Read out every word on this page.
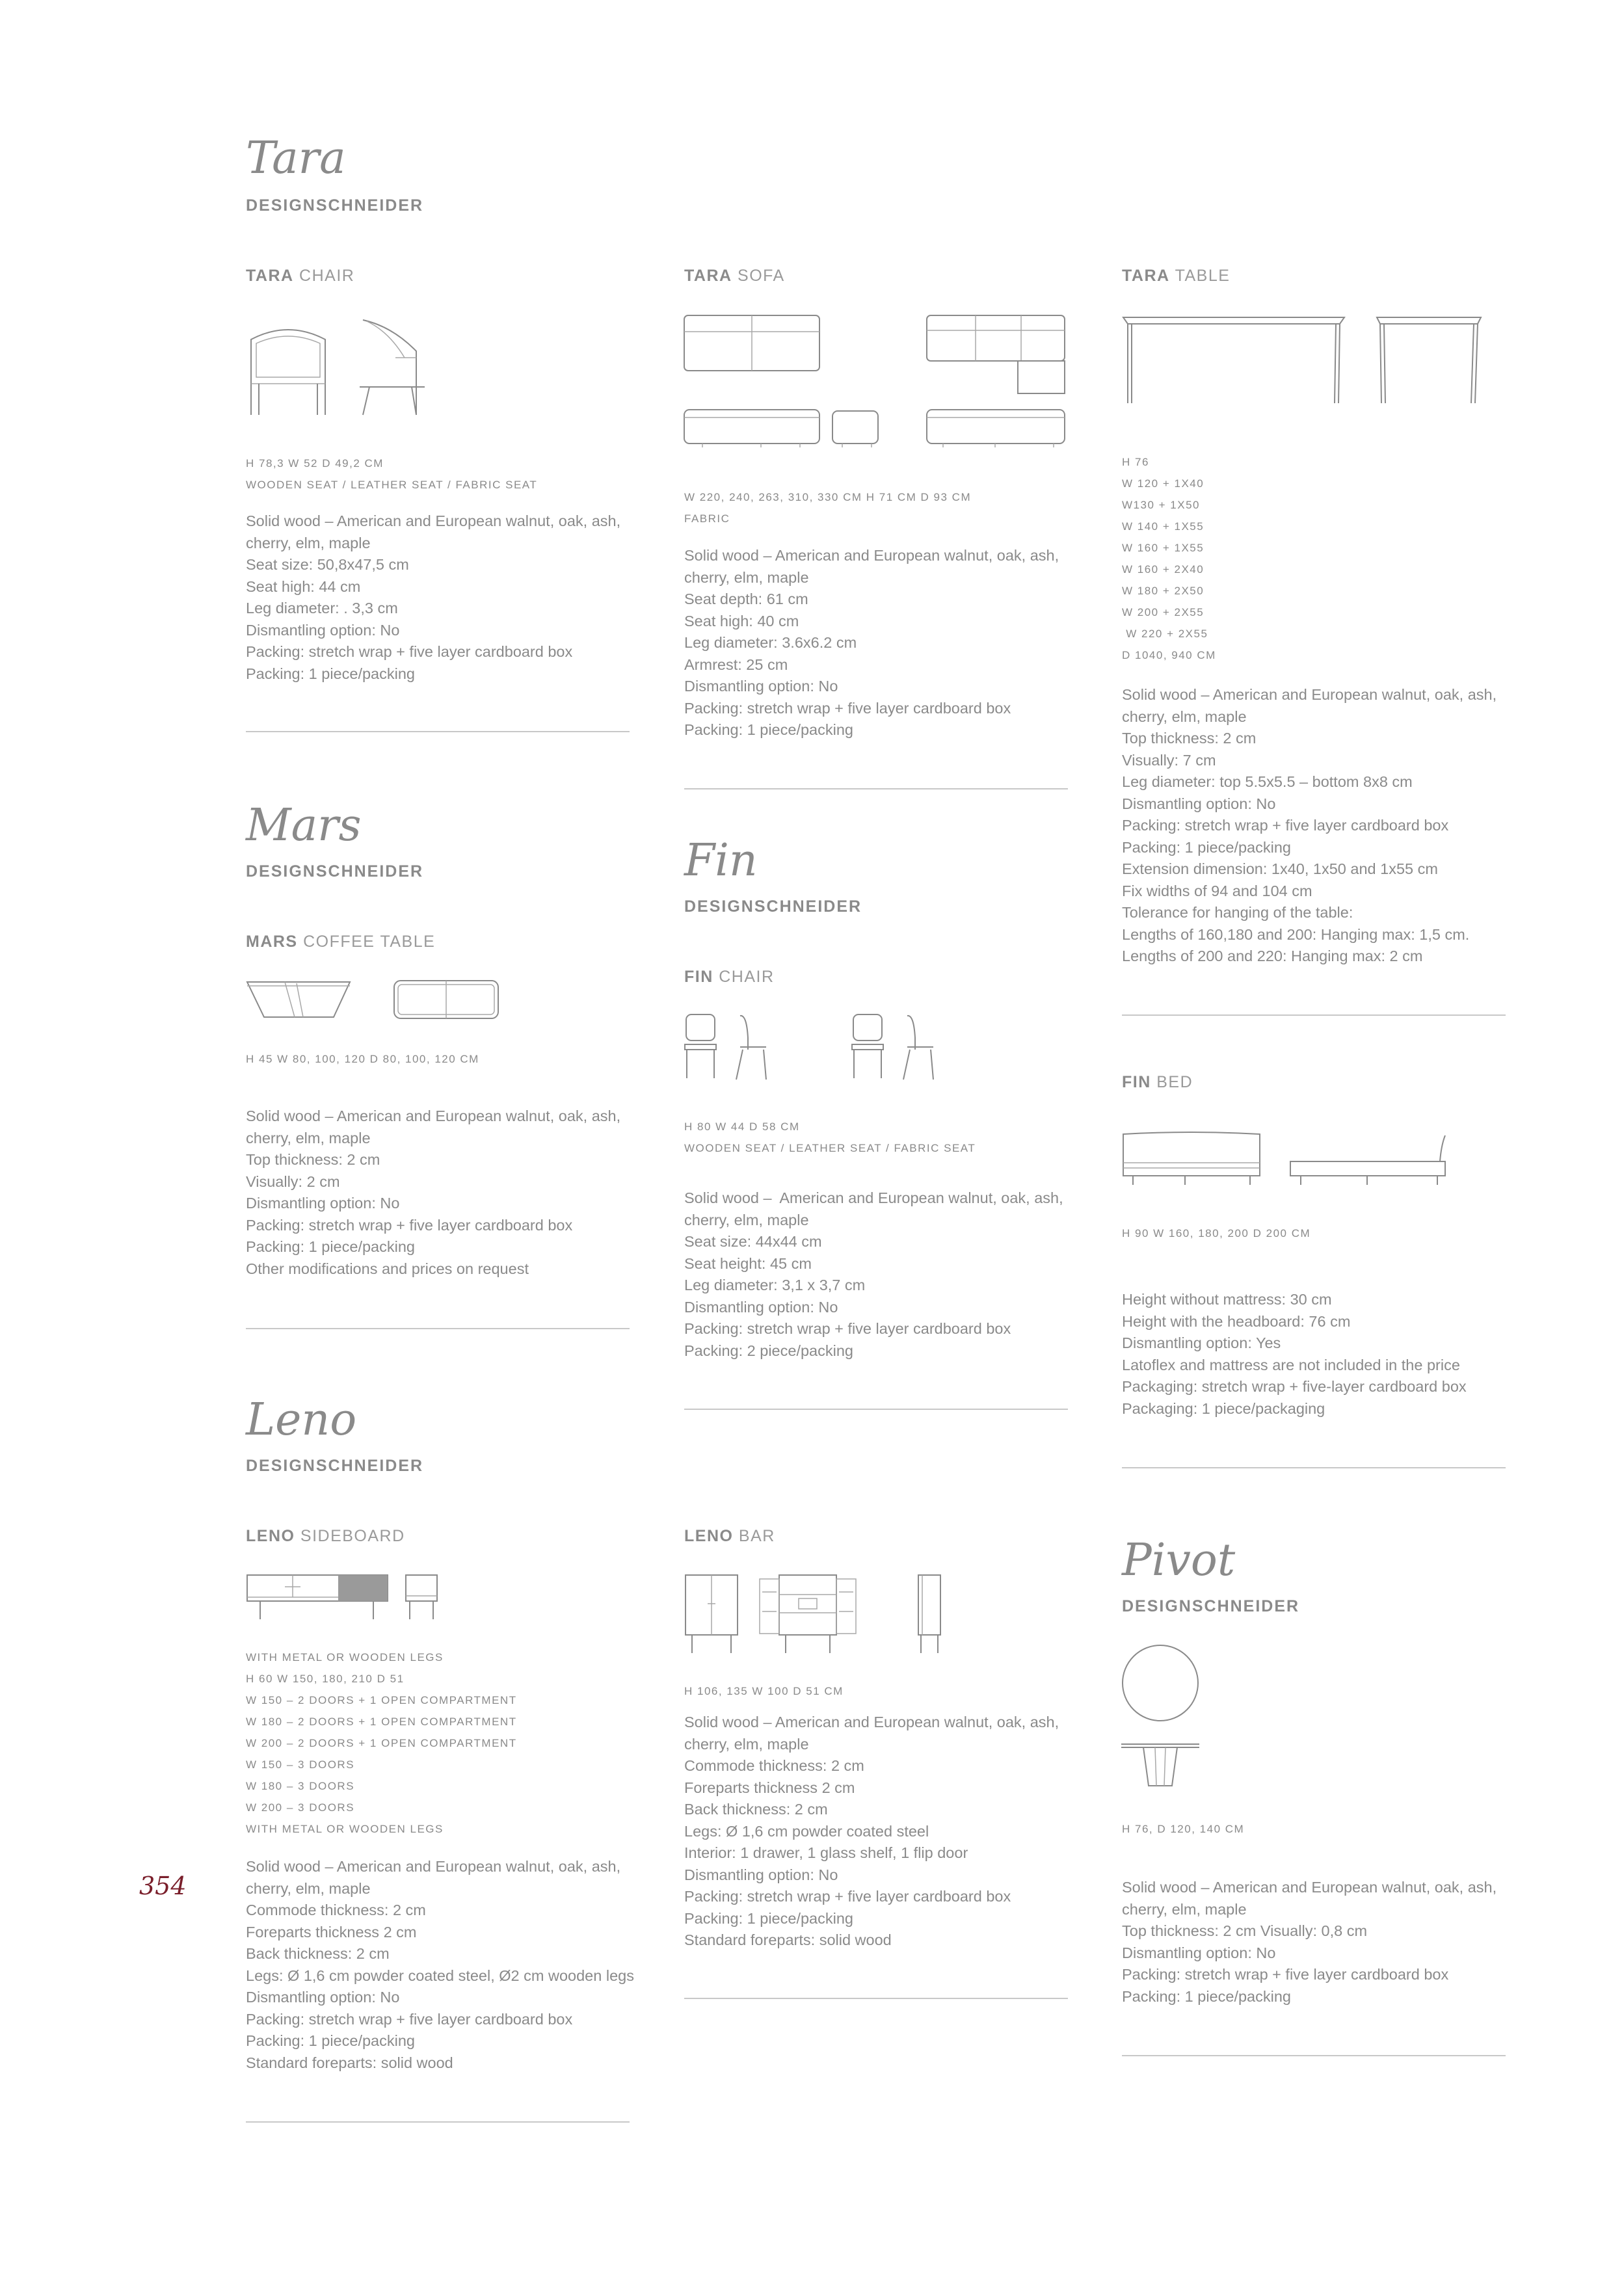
Tara
DESIGNSCHNEIDER
TARA CHAIR
H 78,3 W 52 D 49,2 CM
WOODEN SEAT / LEATHER SEAT / FABRIC SEAT
Solid wood – American and European walnut, oak, ash,
cherry, elm, maple
Seat size: 50,8x47,5 cm
Seat high: 44 cm
Leg diameter: . 3,3 cm
Dismantling option: No
Packing: stretch wrap + five layer cardboard box
Packing: 1 piece/packing
TARA SOFA
W 220, 240, 263, 310, 330 CM H 71 CM D 93 CM
FABRIC
Solid wood – American and European walnut, oak, ash,
cherry, elm, maple
Seat depth: 61 cm
Seat high: 40 cm
Leg diameter: 3.6x6.2 cm
Armrest: 25 cm
Dismantling option: No
Packing: stretch wrap + five layer cardboard box
Packing: 1 piece/packing
TARA TABLE
H 76
W 120 + 1X40
W130 + 1X50
W 140 + 1X55
W 160 + 1X55
W 160 + 2X40
W 180 + 2X50
W 200 + 2X55
W 220 + 2X55
D 1040, 940 CM
Solid wood – American and European walnut, oak, ash,
cherry, elm, maple
Top thickness: 2 cm
Visually: 7 cm
Leg diameter: top 5.5x5.5 – bottom 8x8 cm
Dismantling option: No
Packing: stretch wrap + five layer cardboard box
Packing: 1 piece/packing
Extension dimension: 1x40, 1x50 and 1x55 cm
Fix widths of 94 and 104 cm
Tolerance for hanging of the table:
Lengths of 160,180 and 200: Hanging max: 1,5 cm.
Lengths of 200 and 220: Hanging max: 2 cm
Mars
DESIGNSCHNEIDER
MARS COFFEE TABLE
H 45 W 80, 100, 120 D 80, 100, 120 CM
Solid wood – American and European walnut, oak, ash,
cherry, elm, maple
Top thickness: 2 cm
Visually: 2 cm
Dismantling option: No
Packing: stretch wrap + five layer cardboard box
Packing: 1 piece/packing
Other modifications and prices on request
Fin
DESIGNSCHNEIDER
FIN CHAIR
H 80 W 44 D 58 CM
WOODEN SEAT / LEATHER SEAT / FABRIC SEAT
Solid wood –  American and European walnut, oak, ash,
cherry, elm, maple
Seat size: 44x44 cm
Seat height: 45 cm
Leg diameter: 3,1 x 3,7 cm
Dismantling option: No
Packing: stretch wrap + five layer cardboard box
Packing: 2 piece/packing
FIN BED
H 90 W 160, 180, 200 D 200 CM
Height without mattress: 30 cm
Height with the headboard: 76 cm
Dismantling option: Yes
Latoflex and mattress are not included in the price
Packaging: stretch wrap + five-layer cardboard box
Packaging: 1 piece/packaging
Leno
DESIGNSCHNEIDER
LENO SIDEBOARD
WITH METAL OR WOODEN LEGS
H 60 W 150, 180, 210 D 51
W 150 – 2 DOORS + 1 OPEN COMPARTMENT
W 180 – 2 DOORS + 1 OPEN COMPARTMENT
W 200 – 2 DOORS + 1 OPEN COMPARTMENT
W 150 – 3 DOORS
W 180 – 3 DOORS
W 200 – 3 DOORS
WITH METAL OR WOODEN LEGS
Solid wood – American and European walnut, oak, ash,
cherry, elm, maple
Commode thickness: 2 cm
Foreparts thickness 2 cm
Back thickness: 2 cm
Legs: Ø 1,6 cm powder coated steel, Ø2 cm wooden legs
Dismantling option: No
Packing: stretch wrap + five layer cardboard box
Packing: 1 piece/packing
Standard foreparts: solid wood
LENO BAR
H 106, 135 W 100 D 51 CM
Solid wood – American and European walnut, oak, ash,
cherry, elm, maple
Commode thickness: 2 cm
Foreparts thickness 2 cm
Back thickness: 2 cm
Legs: Ø 1,6 cm powder coated steel
Interior: 1 drawer, 1 glass shelf, 1 flip door
Dismantling option: No
Packing: stretch wrap + five layer cardboard box
Packing: 1 piece/packing
Standard foreparts: solid wood
Pivot
DESIGNSCHNEIDER
H 76, D 120, 140 CM
Solid wood – American and European walnut, oak, ash,
cherry, elm, maple
Top thickness: 2 cm Visually: 0,8 cm
Dismantling option: No
Packing: stretch wrap + five layer cardboard box
Packing: 1 piece/packing
354
